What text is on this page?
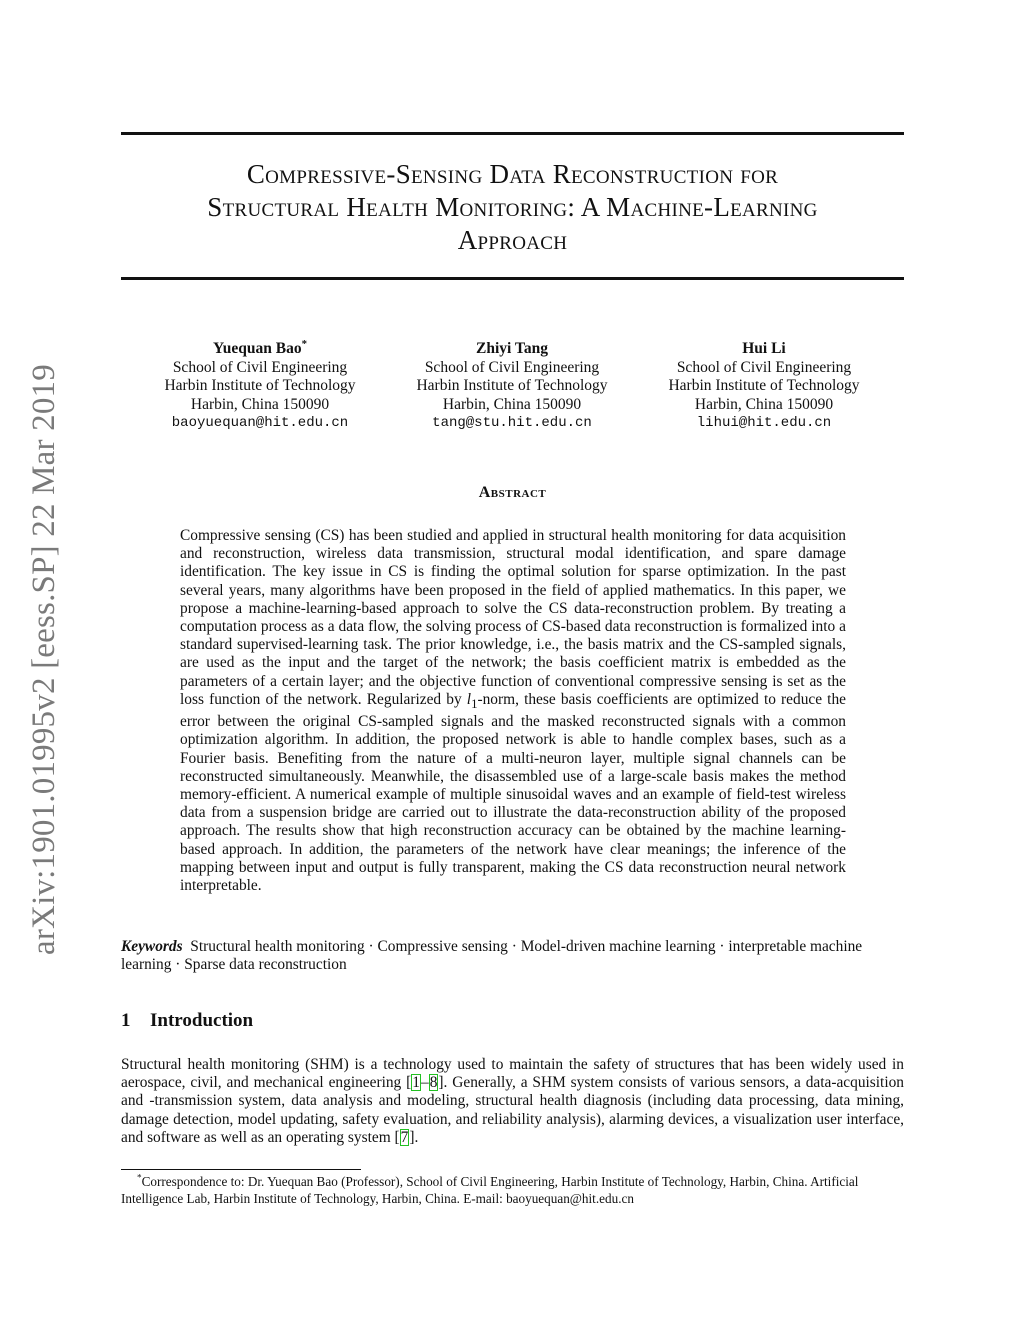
Compressive-Sensing Data Reconstruction for
Structural Health Monitoring: A Machine-Learning
Approach
arXiv:1901.01995v2 [eess.SP] 22 Mar 2019
Yuequan Bao*
School of Civil Engineering
Harbin Institute of Technology
Harbin, China 150090
baoyuequan@hit.edu.cn
Zhiyi Tang
School of Civil Engineering
Harbin Institute of Technology
Harbin, China 150090
tang@stu.hit.edu.cn
Hui Li
School of Civil Engineering
Harbin Institute of Technology
Harbin, China 150090
lihui@hit.edu.cn
Abstract

Compressive sensing (CS) has been studied and applied in structural health monitoring for data acquisition and reconstruction, wireless data transmission, structural modal identification, and spare damage identification. The key issue in CS is finding the optimal solution for sparse optimization. In the past several years, many algorithms have been proposed in the field of applied mathematics. In this paper, we propose a machine-learning-based approach to solve the CS data-reconstruction problem. By treating a computation process as a data flow, the solving process of CS-based data reconstruction is formalized into a standard supervised-learning task. The prior knowledge, i.e., the basis matrix and the CS-sampled signals, are used as the input and the target of the network; the basis coefficient matrix is embedded as the parameters of a certain layer; and the objective function of conventional compressive sensing is set as the loss function of the network. Regularized by $l_1$-norm, these basis coefficients are optimized to reduce the error between the original CS-sampled signals and the masked reconstructed signals with a common optimization algorithm. In addition, the proposed network is able to handle complex bases, such as a Fourier basis. Benefiting from the nature of a multi-neuron layer, multiple signal channels can be reconstructed simultaneously. Meanwhile, the disassembled use of a large-scale basis makes the method memory-efficient. A numerical example of multiple sinusoidal waves and an example of field-test wireless data from a suspension bridge are carried out to illustrate the data-reconstruction ability of the proposed approach. The results show that high reconstruction accuracy can be obtained by the machine learning-based approach. In addition, the parameters of the network have clear meanings; the inference of the mapping between input and output is fully transparent, making the CS data reconstruction neural network interpretable.

Keywords Structural health monitoring · Compressive sensing · Model-driven machine learning · interpretable machine learning · Sparse data reconstruction

1 Introduction

Structural health monitoring (SHM) is a technology used to maintain the safety of structures that has been widely used in aerospace, civil, and mechanical engineering [1–8]. Generally, a SHM system consists of various sensors, a data-acquisition and -transmission system, data analysis and modeling, structural health diagnosis (including data processing, data mining, damage detection, model updating, safety evaluation, and reliability analysis), alarming devices, a visualization user interface, and software as well as an operating system [7].

*Correspondence to: Dr. Yuequan Bao (Professor), School of Civil Engineering, Harbin Institute of Technology, Harbin, China. Artificial Intelligence Lab, Harbin Institute of Technology, Harbin, China. E-mail: baoyuequan@hit.edu.cn
